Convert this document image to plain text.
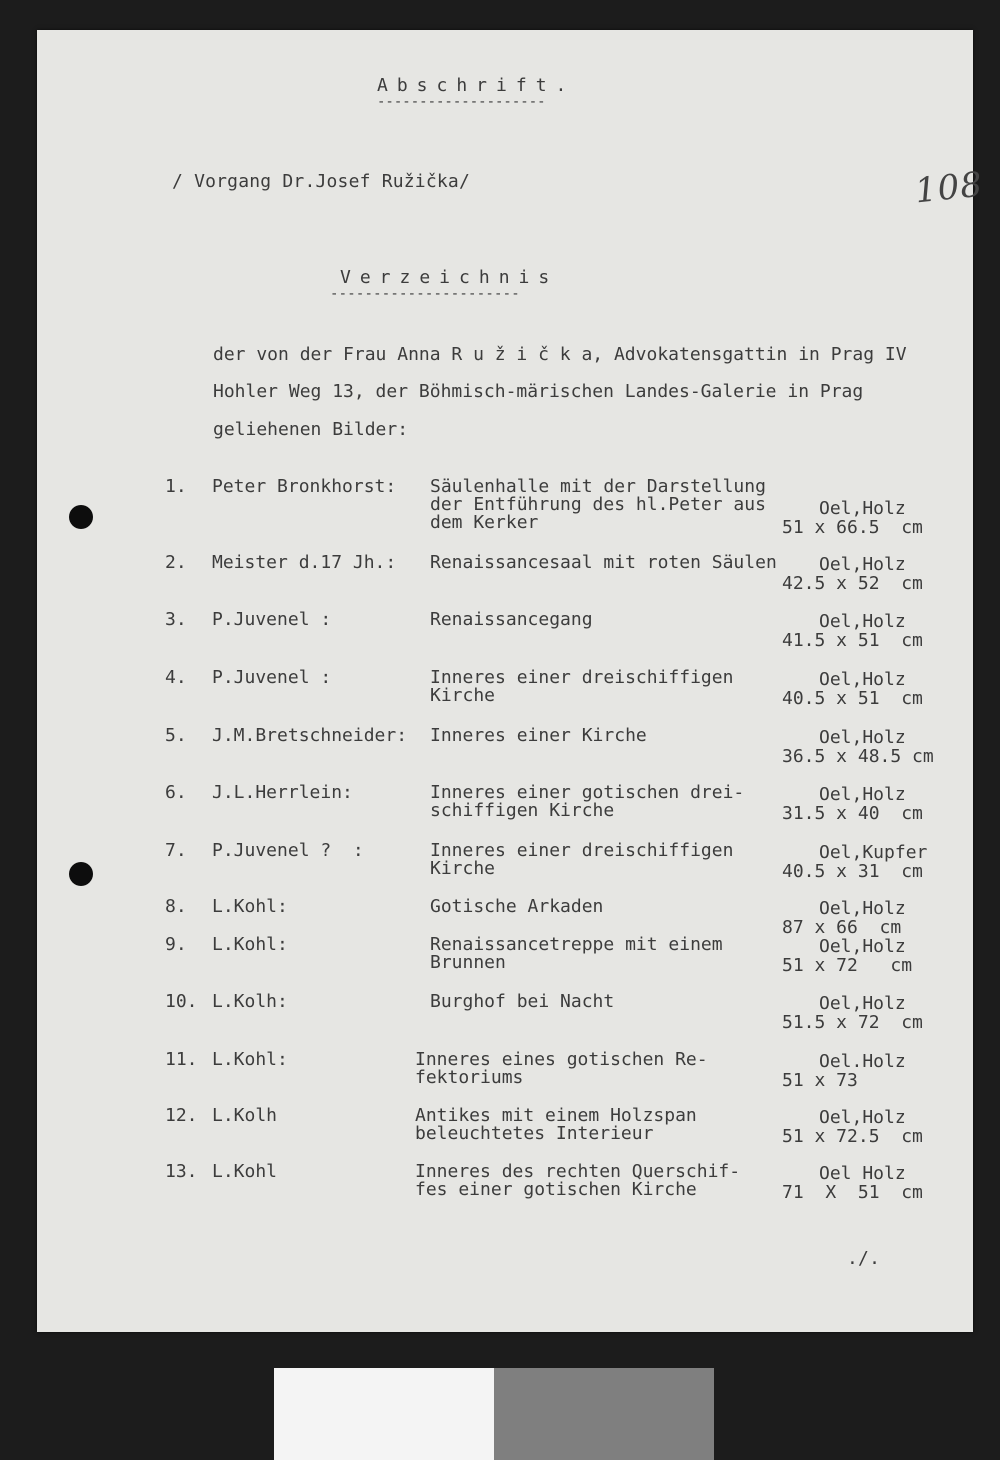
Abschrift.
--------------------
108
/ Vorgang Dr.Josef Ružička/
Verzeichnis
----------------------
der von der Frau Anna R u ž i č k a, Advokatensgattin in Prag IV
Hohler Weg 13, der Böhmisch-märischen Landes-Galerie in Prag
geliehenen Bilder:
1. Peter Bronkhorst: Säulenhalle mit der Darstellung
der Entführung des hl.Peter aus
dem Kerker
Oel,Holz
51 x 66.5  cm
2. Meister d.17 Jh.: Renaissancesaal mit roten Säulen Oel,Holz
42.5 x 52  cm
3. P.Juvenel :	Renaissancegang	Oel,Holz
41.5 x 51  cm
4. P.Juvenel :	Inneres einer dreischiffigen
Kirche
Oel,Holz
40.5 x 51  cm
5. J.M.Bretschneider: Inneres einer Kirche	Oel,Holz
36.5 x 48.5 cm
6. J.L.Herrlein:	Inneres einer gotischen drei-
schiffigen Kirche
Oel,Holz
31.5 x 40  cm
7. P.Juvenel ?  :	Inneres einer dreischiffigen
Kirche
Oel,Kupfer
40.5 x 31  cm
8. L.Kohl:	Gotische Arkaden	Oel,Holz
87 x 66  cm
9. L.Kohl:	Renaissancetreppe mit einem
Brunnen
Oel,Holz
51 x 72   cm
10. L.Kolh:	Burghof bei Nacht	Oel,Holz
51.5 x 72  cm
11. L.Kohl:	Inneres eines gotischen Re-
fektoriums
Oel.Holz
51 x 73
12. L.Kolh	Antikes mit einem Holzspan
beleuchtetes Interieur
Oel,Holz
51 x 72.5  cm
13. L.Kohl	Inneres des rechten Querschif-
fes einer gotischen Kirche
Oel Holz
71  X  51  cm
./.
